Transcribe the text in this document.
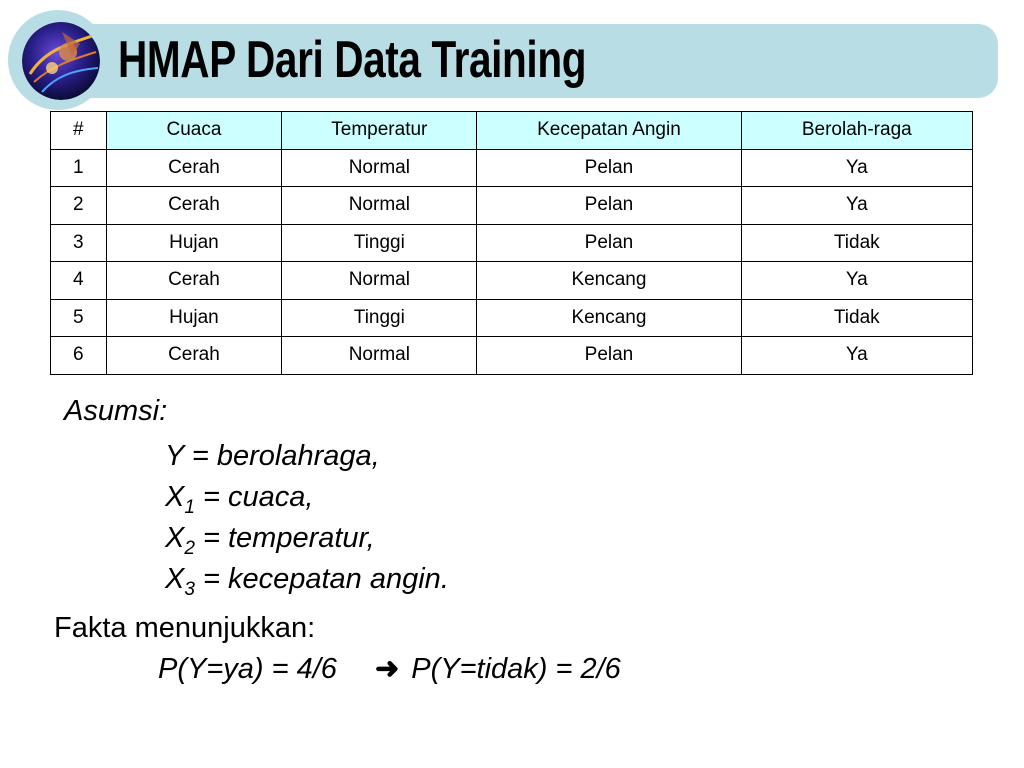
HMAP Dari Data Training
#	Cuaca	Temperatur	Kecepatan Angin	Berolah-raga
1	Cerah	Normal	Pelan	Ya
2	Cerah	Normal	Pelan	Ya
3	Hujan	Tinggi	Pelan	Tidak
4	Cerah	Normal	Kencang	Ya
5	Hujan	Tinggi	Kencang	Tidak
6	Cerah	Normal	Pelan	Ya

Asumsi:

Y = berolahraga,
$X_1$ = cuaca,
$X_2$ = temperatur,
$X_3$ = kecepatan angin.

Fakta menunjukkan:

P(Y=ya) = 4/6 ➜ P(Y=tidak) = 2/6
